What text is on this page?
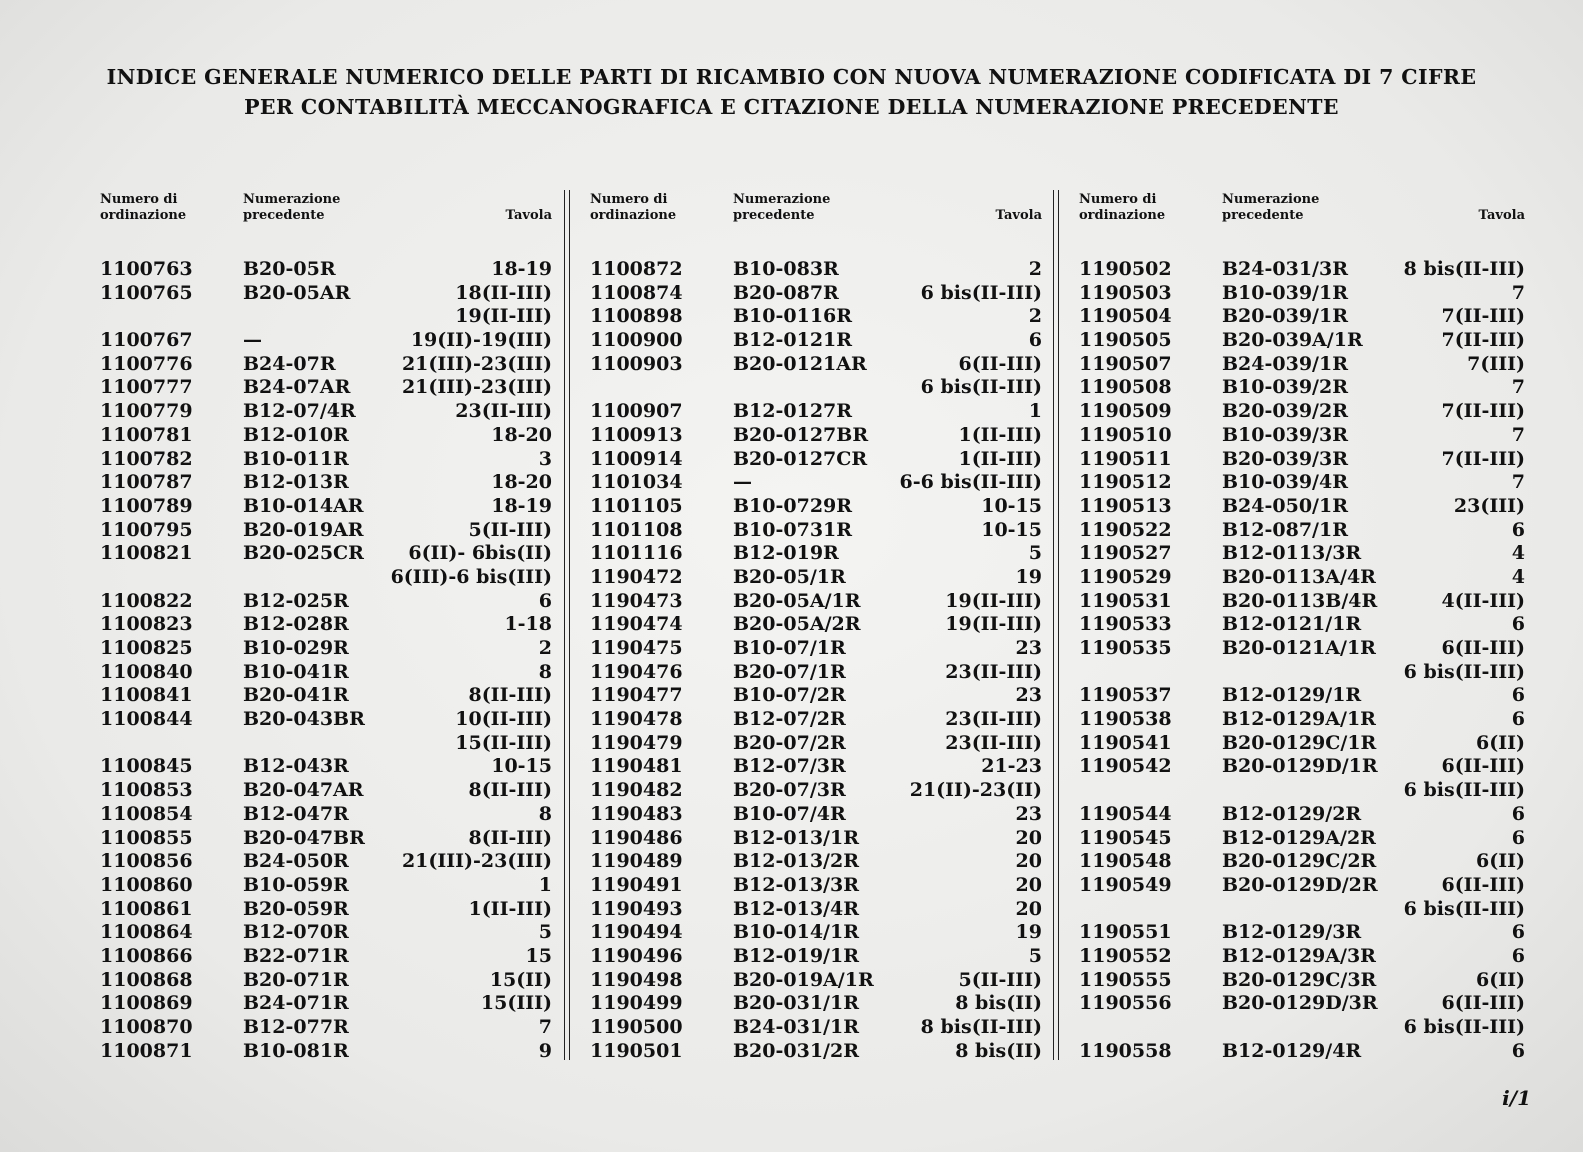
INDICE GENERALE NUMERICO DELLE PARTI DI RICAMBIO CON NUOVA NUMERAZIONE CODIFICATA DI 7 CIFRE
PER CONTABILITÀ MECCANOGRAFICA E CITAZIONE DELLA NUMERAZIONE PRECEDENTE
Numero di
ordinazione
Numerazione
precedente	Tavola
1100763	B20-05R	18-19
1100765	B20-05AR	18(II-III)
19(II-III)
1100767	—	19(II)-19(III)
1100776	B24-07R	21(III)-23(III)
1100777	B24-07AR	21(III)-23(III)
1100779	B12-07/4R	23(II-III)
1100781	B12-010R	18-20
1100782	B10-011R	3
1100787	B12-013R	18-20
1100789	B10-014AR	18-19
1100795	B20-019AR	5(II-III)
1100821	B20-025CR 6(II)- 6bis(II)
6(III)-6 bis(III)
1100822	B12-025R	6
1100823	B12-028R	1-18
1100825	B10-029R	2
1100840	B10-041R	8
1100841	B20-041R	8(II-III)
1100844	B20-043BR	10(II-III)
15(II-III)
1100845	B12-043R	10-15
1100853	B20-047AR	8(II-III)
1100854	B12-047R	8
1100855	B20-047BR	8(II-III)
1100856	B24-050R	21(III)-23(III)
1100860	B10-059R	1
1100861	B20-059R	1(II-III)
1100864	B12-070R	5
1100866	B22-071R	15
1100868	B20-071R	15(II)
1100869	B24-071R	15(III)
1100870	B12-077R	7
1100871	B10-081R	9
Numero di
ordinazione
Numerazione
precedente	Tavola
1100872	B10-083R	2
1100874	B20-087R	6 bis(II-III)
1100898	B10-0116R	2
1100900	B12-0121R	6
1100903	B20-0121AR	6(II-III)
6 bis(II-III)
1100907	B12-0127R	1
1100913	B20-0127BR	1(II-III)
1100914	B20-0127CR	1(II-III)
1101034	—	6-6 bis(II-III)
1101105	B10-0729R	10-15
1101108	B10-0731R	10-15
1101116	B12-019R	5
1190472	B20-05/1R	19
1190473	B20-05A/1R	19(II-III)
1190474	B20-05A/2R	19(II-III)
1190475	B10-07/1R	23
1190476	B20-07/1R	23(II-III)
1190477	B10-07/2R	23
1190478	B12-07/2R	23(II-III)
1190479	B20-07/2R	23(II-III)
1190481	B12-07/3R	21-23
1190482	B20-07/3R	21(II)-23(II)
1190483	B10-07/4R	23
1190486	B12-013/1R	20
1190489	B12-013/2R	20
1190491	B12-013/3R	20
1190493	B12-013/4R	20
1190494	B10-014/1R	19
1190496	B12-019/1R	5
1190498	B20-019A/1R	5(II-III)
1190499	B20-031/1R	8 bis(II)
1190500	B24-031/1R	8 bis(II-III)
1190501	B20-031/2R	8 bis(II)
Numero di
ordinazione
Numerazione
precedente	Tavola
1190502	B24-031/3R	8 bis(II-III)
1190503	B10-039/1R	7
1190504	B20-039/1R	7(II-III)
1190505	B20-039A/1R	7(II-III)
1190507	B24-039/1R	7(III)
1190508	B10-039/2R	7
1190509	B20-039/2R	7(II-III)
1190510	B10-039/3R	7
1190511	B20-039/3R	7(II-III)
1190512	B10-039/4R	7
1190513	B24-050/1R	23(III)
1190522	B12-087/1R	6
1190527	B12-0113/3R	4
1190529	B20-0113A/4R	4
1190531	B20-0113B/4R	4(II-III)
1190533	B12-0121/1R	6
1190535	B20-0121A/1R	6(II-III)
6 bis(II-III)
1190537	B12-0129/1R	6
1190538	B12-0129A/1R	6
1190541	B20-0129C/1R	6(II)
1190542	B20-0129D/1R	6(II-III)
6 bis(II-III)
1190544	B12-0129/2R	6
1190545	B12-0129A/2R	6
1190548	B20-0129C/2R	6(II)
1190549	B20-0129D/2R	6(II-III)
6 bis(II-III)
1190551	B12-0129/3R	6
1190552	B12-0129A/3R	6
1190555	B20-0129C/3R	6(II)
1190556	B20-0129D/3R	6(II-III)
6 bis(II-III)
1190558	B12-0129/4R	6
i/1
